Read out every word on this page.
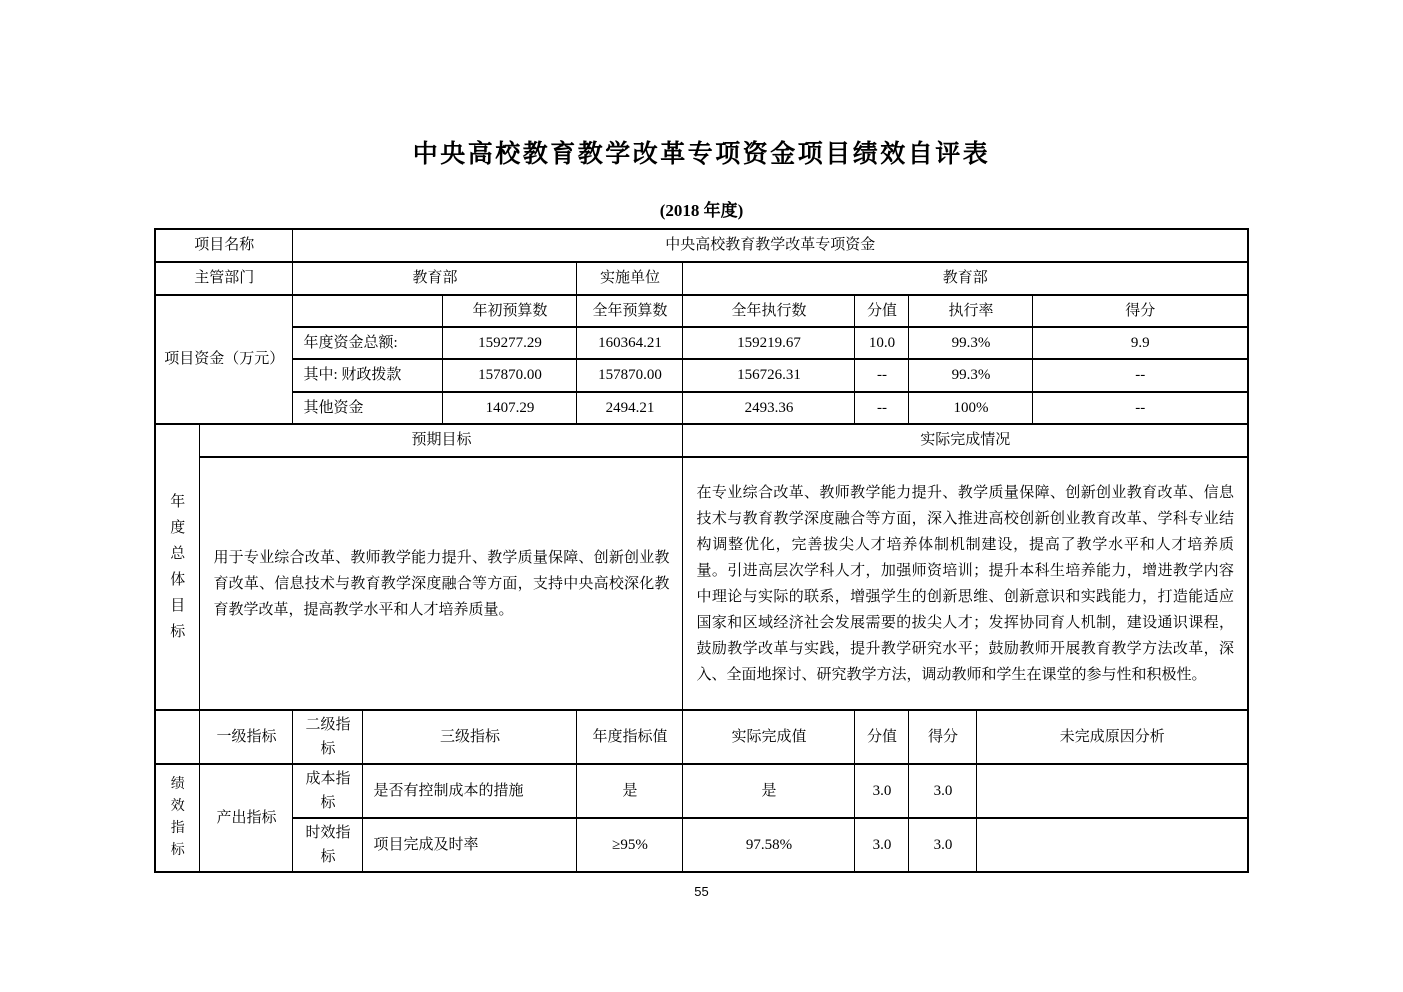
中央高校教育教学改革专项资金项目绩效自评表
(2018 年度)
项目名称		中央高校教育教学改革专项资金								
主管部门		教育部			实施单位	教育部				
项目资金（万元）				年初预算数	全年预算数	全年执行数	分值	执行率		得分
		年度资金总额:		159277.29	160364.21	159219.67	10.0	99.3%		9.9
		其中: 财政拨款		157870.00	157870.00	156726.31	--	99.3%		--
		其他资金		1407.29	2494.21	2493.36	--	100%		--

年度总体目标	预期目标					实际完成情况				
	用于专业综合改革、教师教学能力提升、教学质量保障、创新创业教育改革、信息技术与教育教学深度融合等方面，支持中央高校深化教育教学改革，提高教学水平和人才培养质量。					在专业综合改革、教师教学能力提升、教学质量保障、创新创业教育改革、信息技术与教育教学深度融合等方面，深入推进高校创新创业教育改革、学科专业结构调整优化，完善拔尖人才培养体制机制建设，提高了教学水平和人才培养质量。引进高层次学科人才，加强师资培训；提升本科生培养能力，增进教学内容中理论与实际的联系，增强学生的创新思维、创新意识和实践能力，打造能适应国家和区域经济社会发展需要的拔尖人才；发挥协同育人机制，建设通识课程，鼓励教学改革与实践，提升教学研究水平；鼓励教师开展教育教学方法改革，深入、全面地探讨、研究教学方法，调动教师和学生在课堂的参与性和积极性。				
	一级指标	二级指标	三级指标		年度指标值	实际完成值	分值	得分	未完成原因分析	

绩效指标	产出指标	成本指标	是否有控制成本的措施		是	是	3.0	3.0		
		时效指标	项目完成及时率		≥95%	97.58%	3.0	3.0		
55
